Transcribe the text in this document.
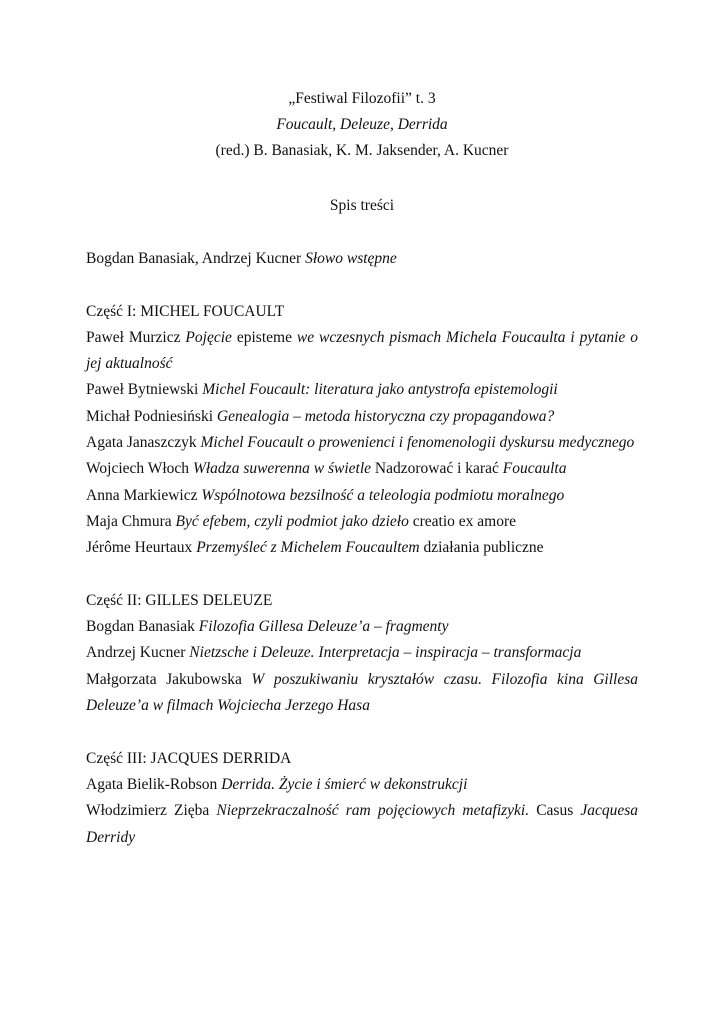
„Festiwal Filozofii” t. 3
Foucault, Deleuze, Derrida
(red.) B. Banasiak, K. M. Jaksender, A. Kucner
Spis treści

Bogdan Banasiak, Andrzej Kucner Słowo wstępne

Część I: MICHEL FOUCAULT

Paweł Murzicz Pojęcie episteme we wczesnych pismach Michela Foucaulta i pytanie o jej aktualność

Paweł Bytniewski Michel Foucault: literatura jako antystrofa epistemologii

Michał Podniesiński Genealogia – metoda historyczna czy propagandowa?

Agata Janaszczyk Michel Foucault o prowenienci i fenomenologii dyskursu medycznego

Wojciech Włoch Władza suwerenna w świetle Nadzorować i karać Foucaulta

Anna Markiewicz Wspólnotowa bezsilność a teleologia podmiotu moralnego

Maja Chmura Być efebem, czyli podmiot jako dzieło creatio ex amore

Jérôme Heurtaux Przemyśleć z Michelem Foucaultem działania publiczne

Część II: GILLES DELEUZE

Bogdan Banasiak Filozofia Gillesa Deleuze’a – fragmenty

Andrzej Kucner Nietzsche i Deleuze. Interpretacja – inspiracja – transformacja

Małgorzata Jakubowska W poszukiwaniu kryształów czasu. Filozofia kina Gillesa Deleuze’a w filmach Wojciecha Jerzego Hasa

Część III: JACQUES DERRIDA

Agata Bielik-Robson Derrida. Życie i śmierć w dekonstrukcji

Włodzimierz Zięba Nieprzekraczalność ram pojęciowych metafizyki. Casus Jacquesa Derridy
